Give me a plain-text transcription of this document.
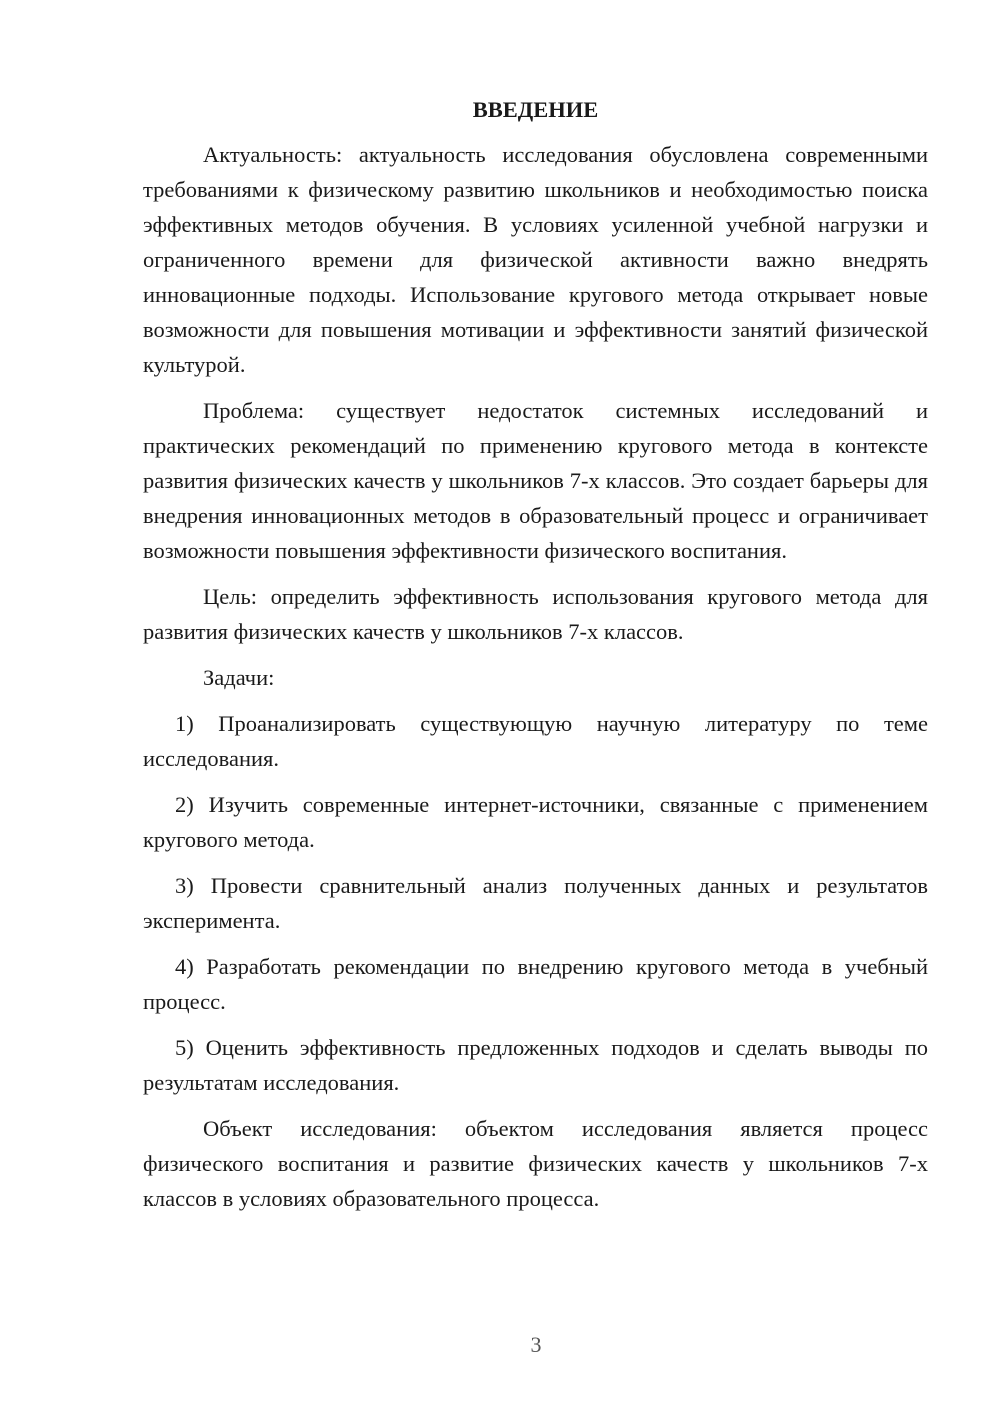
ВВЕДЕНИЕ

Актуальность: актуальность исследования обусловлена современными требованиями к физическому развитию школьников и необходимостью поиска эффективных методов обучения. В условиях усиленной учебной нагрузки и ограниченного времени для физической активности важно внедрять инновационные подходы. Использование кругового метода открывает новые возможности для повышения мотивации и эффективности занятий физической культурой.

Проблема: существует недостаток системных исследований и практических рекомендаций по применению кругового метода в контексте развития физических качеств у школьников 7-х классов. Это создает барьеры для внедрения инновационных методов в образовательный процесс и ограничивает возможности повышения эффективности физического воспитания.

Цель: определить эффективность использования кругового метода для развития физических качеств у школьников 7-х классов.

Задачи:

1) Проанализировать существующую научную литературу по теме исследования.

2) Изучить современные интернет-источники, связанные с применением кругового метода.

3) Провести сравнительный анализ полученных данных и результатов эксперимента.

4) Разработать рекомендации по внедрению кругового метода в учебный процесс.

5) Оценить эффективность предложенных подходов и сделать выводы по результатам исследования.

Объект исследования: объектом исследования является процесс физического воспитания и развитие физических качеств у школьников 7-х классов в условиях образовательного процесса.

3
